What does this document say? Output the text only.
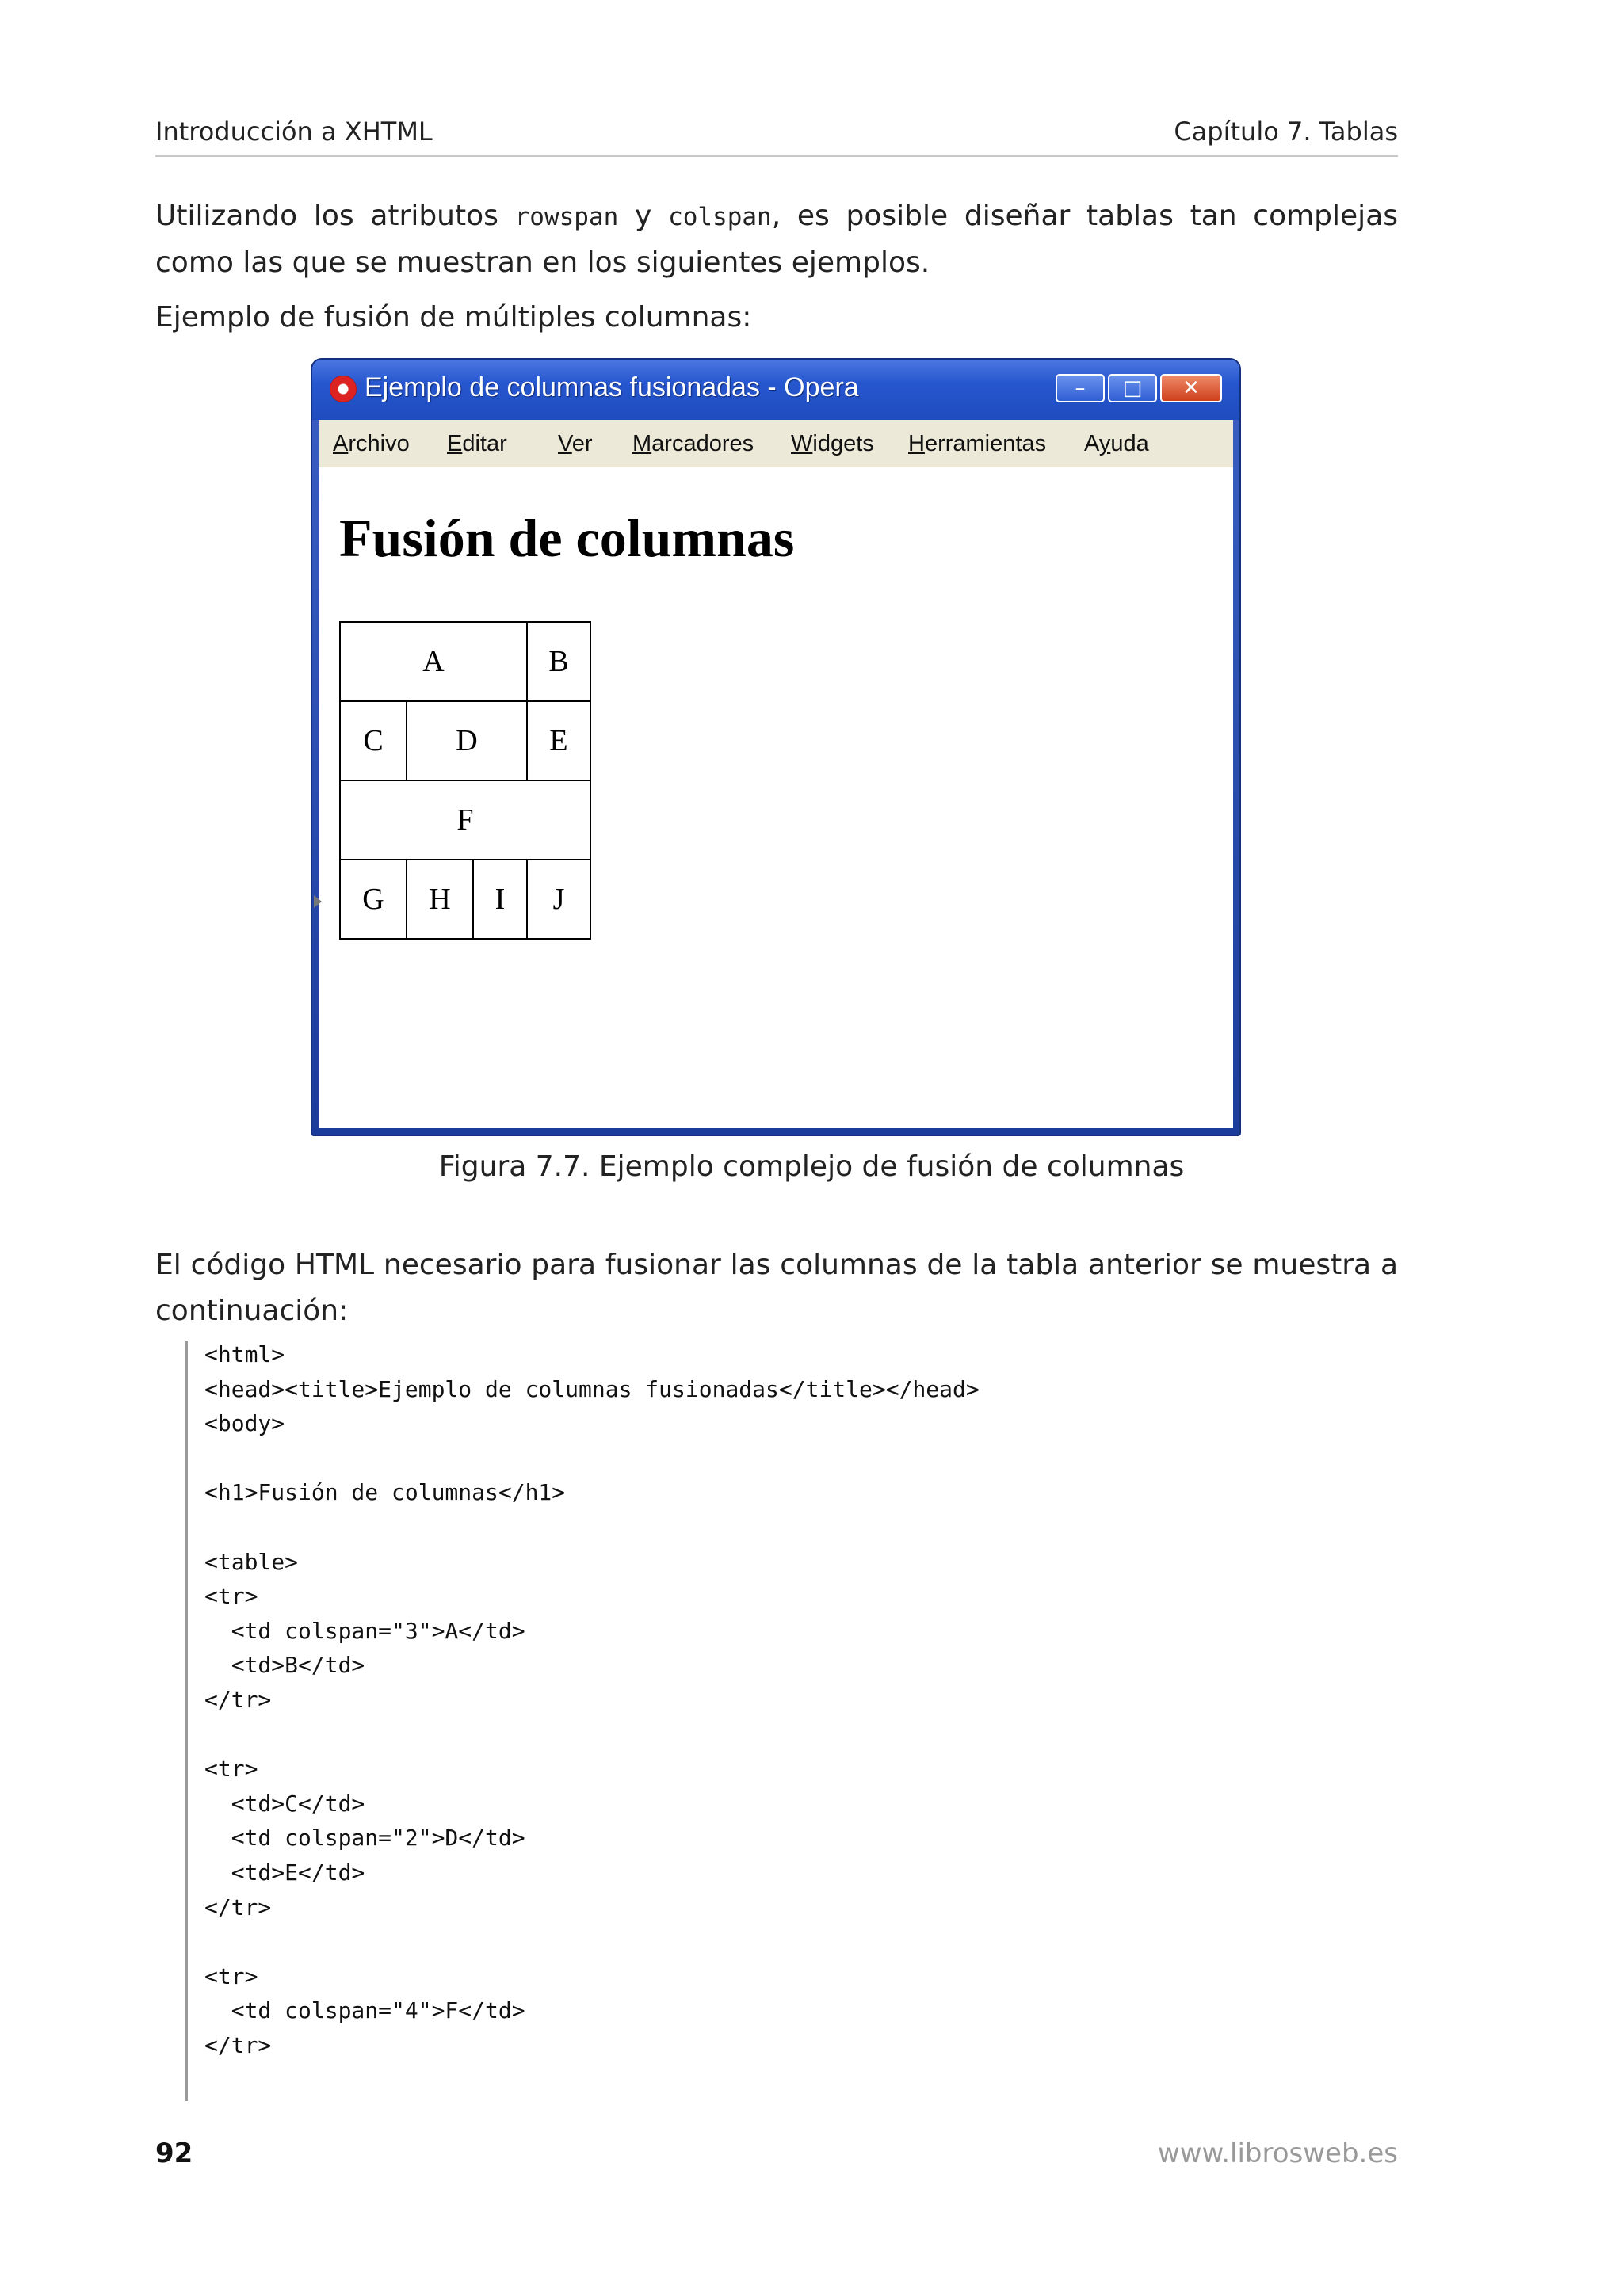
Introducción a XHTML	Capítulo 7. Tablas
Utilizando los atributos rowspan y colspan, es posible diseñar tablas tan complejas como las que se muestran en los siguientes ejemplos.
Ejemplo de fusión de múltiples columnas:
Ejemplo de columnas fusionadas - Opera	–	□	✕
Archivo Editar Ver Marcadores Widgets Herramientas Ayuda
Fusión de columnas
A			B
C	D		E
F			
G	H	I	J
Figura 7.7. Ejemplo complejo de fusión de columnas
El código HTML necesario para fusionar las columnas de la tabla anterior se muestra a continuación:
<html>
<head><title>Ejemplo de columnas fusionadas</title></head>
<body>

<h1>Fusión de columnas</h1>

<table>
<tr>
<td colspan="3">A</td>
<td>B</td>
</tr>

<tr>
<td>C</td>
<td colspan="2">D</td>
<td>E</td>
</tr>

<tr>
<td colspan="4">F</td>
</tr>
92	www.librosweb.es
